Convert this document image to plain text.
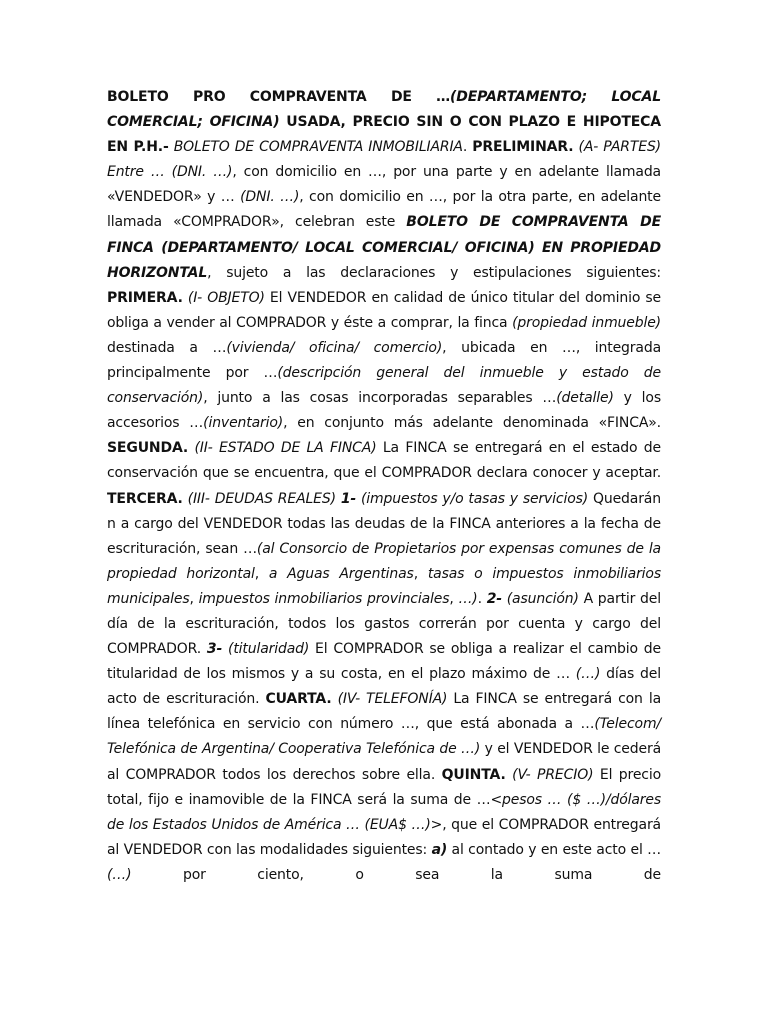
BOLETO PRO COMPRAVENTA DE …(DEPARTAMENTO; LOCAL COMERCIAL; OFICINA) USADA, PRECIO SIN O CON PLAZO E HIPOTECA EN P.H.- BOLETO DE COMPRAVENTA INMOBILIARIA. PRELIMINAR. (A- PARTES) Entre … (DNI. …), con domicilio en …, por una parte y en adelante llamada «VENDEDOR» y … (DNI. …), con domicilio en …, por la otra parte, en adelante llamada «COMPRADOR», celebran este BOLETO DE COMPRAVENTA DE FINCA (DEPARTAMENTO/ LOCAL COMERCIAL/ OFICINA) EN PROPIEDAD HORIZONTAL, sujeto a las declaraciones y estipulaciones siguientes: PRIMERA. (I- OBJETO) El VENDEDOR en calidad de único titular del dominio se obliga a vender al COMPRADOR y éste a comprar, la finca (propiedad inmueble) destinada a …(vivienda/ oficina/ comercio), ubicada en …, integrada principalmente por …(descripción general del inmueble y estado de conservación), junto a las cosas incorporadas separables …(detalle) y los accesorios …(inventario), en conjunto más adelante denominada «FINCA». SEGUNDA. (II- ESTADO DE LA FINCA) La FINCA se entregará en el estado de conservación que se encuentra, que el COMPRADOR declara conocer y aceptar. TERCERA. (III- DEUDAS REALES) 1- (impuestos y/o tasas y servicios) Quedarán n a cargo del VENDEDOR todas las deudas de la FINCA anteriores a la fecha de escrituración, sean …(al Consorcio de Propietarios por expensas comunes de la propiedad horizontal, a Aguas Argentinas, tasas o impuestos inmobiliarios municipales, impuestos inmobiliarios provinciales, …). 2- (asunción) A partir del día de la escrituración, todos los gastos correrán por cuenta y cargo del COMPRADOR. 3- (titularidad) El COMPRADOR se obliga a realizar el cambio de titularidad de los mismos y a su costa, en el plazo máximo de … (…) días del acto de escrituración. CUARTA. (IV- TELEFONÍA) La FINCA se entregará con la línea telefónica en servicio con número …, que está abonada a …(Telecom/ Telefónica de Argentina/ Cooperativa Telefónica de …) y el VENDEDOR le cederá al COMPRADOR todos los derechos sobre ella. QUINTA. (V- PRECIO) El precio total, fijo e inamovible de la FINCA será la suma de …<pesos … ($ …)/dólares de los Estados Unidos de América … (EUA$ …)>, que el COMPRADOR entregará al VENDEDOR con las modalidades siguientes: a) al contado y en este acto el … (…) por ciento, o sea la suma de
